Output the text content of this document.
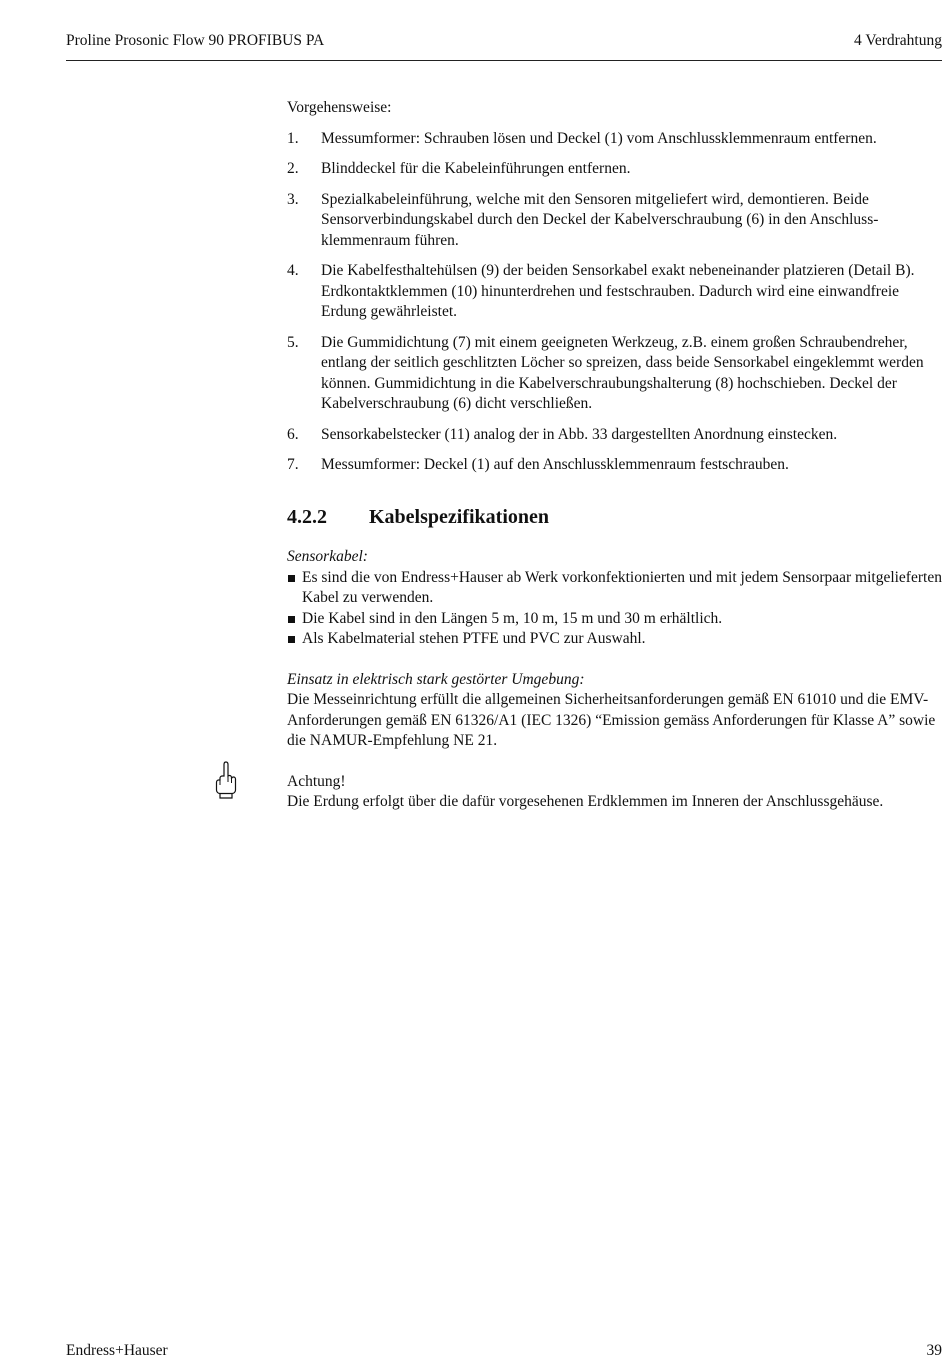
Proline Prosonic Flow 90 PROFIBUS PA	4 Verdrahtung

Vorgehensweise:

1. Messumformer: Schrauben lösen und Deckel (1) vom Anschlussklemmenraum entfernen.
2. Blinddeckel für die Kabeleinführungen entfernen.
3. Spezialkabeleinführung, welche mit den Sensoren mitgeliefert wird, demontieren. Beide Sensorverbindungskabel durch den Deckel der Kabelverschraubung (6) in den Anschlussklemmenraum führen.
4. Die Kabelfesthaltehülsen (9) der beiden Sensorkabel exakt nebeneinander platzieren (Detail B). Erdkontaktklemmen (10) hinunterdrehen und festschrauben. Dadurch wird eine einwandfreie Erdung gewährleistet.
5. Die Gummidichtung (7) mit einem geeigneten Werkzeug, z.B. einem großen Schraubendreher, entlang der seitlich geschlitzten Löcher so spreizen, dass beide Sensorkabel eingeklemmt werden können. Gummidichtung in die Kabelverschraubungshalterung (8) hochschieben. Deckel der Kabelverschraubung (6) dicht verschließen.
6. Sensorkabelstecker (11) analog der in Abb. 33 dargestellten Anordnung einstecken.
7. Messumformer: Deckel (1) auf den Anschlussklemmenraum festschrauben.
4.2.2 Kabelspezifikationen

Sensorkabel:

Es sind die von Endress+Hauser ab Werk vorkonfektionierten und mit jedem Sensorpaar mitgelieferten Kabel zu verwenden.
Die Kabel sind in den Längen 5 m, 10 m, 15 m und 30 m erhältlich.
Als Kabelmaterial stehen PTFE und PVC zur Auswahl.

Einsatz in elektrisch stark gestörter Umgebung:

Die Messeinrichtung erfüllt die allgemeinen Sicherheitsanforderungen gemäß EN 61010 und die EMV-Anforderungen gemäß EN 61326/A1 (IEC 1326) “Emission gemäss Anforderungen für Klasse A” sowie die NAMUR-Empfehlung NE 21.

Achtung!
Die Erdung erfolgt über die dafür vorgesehenen Erdklemmen im Inneren der Anschlussgehäuse.
Endress+Hauser	39
